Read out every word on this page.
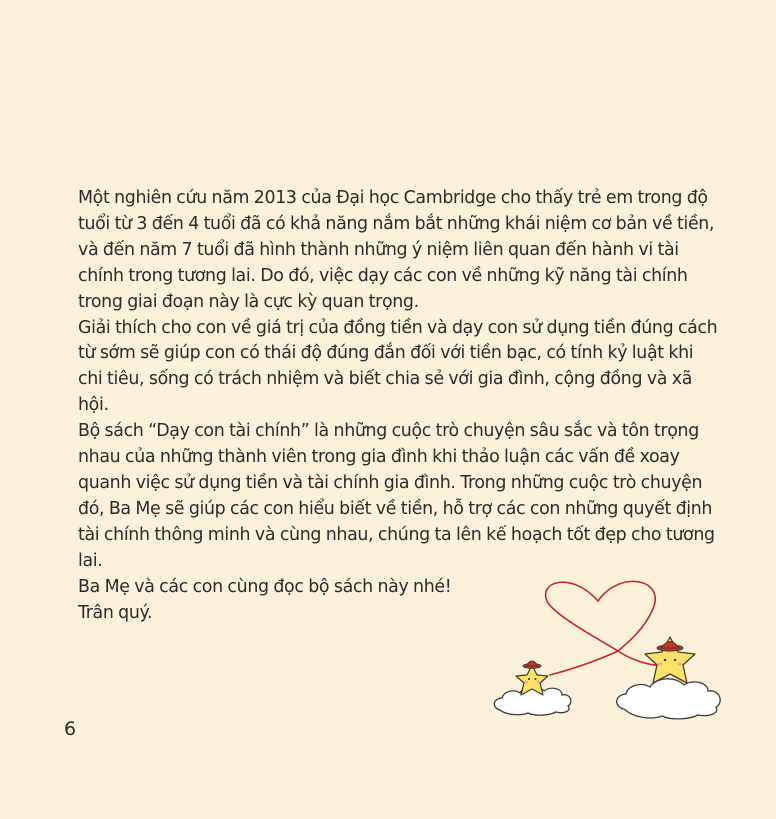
Một nghiên cứu năm 2013 của Đại học Cambridge cho thấy trẻ em trong độ tuổi từ 3 đến 4 tuổi đã có khả năng nắm bắt những khái niệm cơ bản về tiền, và đến năm 7 tuổi đã hình thành những ý niệm liên quan đến hành vi tài chính trong tương lai. Do đó, việc dạy các con về những kỹ năng tài chính trong giai đoạn này là cực kỳ quan trọng.

Giải thích cho con về giá trị của đồng tiền và dạy con sử dụng tiền đúng cách từ sớm sẽ giúp con có thái độ đúng đắn đối với tiền bạc, có tính kỷ luật khi chi tiêu, sống có trách nhiệm và biết chia sẻ với gia đình, cộng đồng và xã hội.

Bộ sách “Dạy con tài chính” là những cuộc trò chuyện sâu sắc và tôn trọng nhau của những thành viên trong gia đình khi thảo luận các vấn đề xoay quanh việc sử dụng tiền và tài chính gia đình. Trong những cuộc trò chuyện đó, Ba Mẹ sẽ giúp các con hiểu biết về tiền, hỗ trợ các con những quyết định tài chính thông minh và cùng nhau, chúng ta lên kế hoạch tốt đẹp cho tương lai.

Ba Mẹ và các con cùng đọc bộ sách này nhé!

Trân quý.

6
